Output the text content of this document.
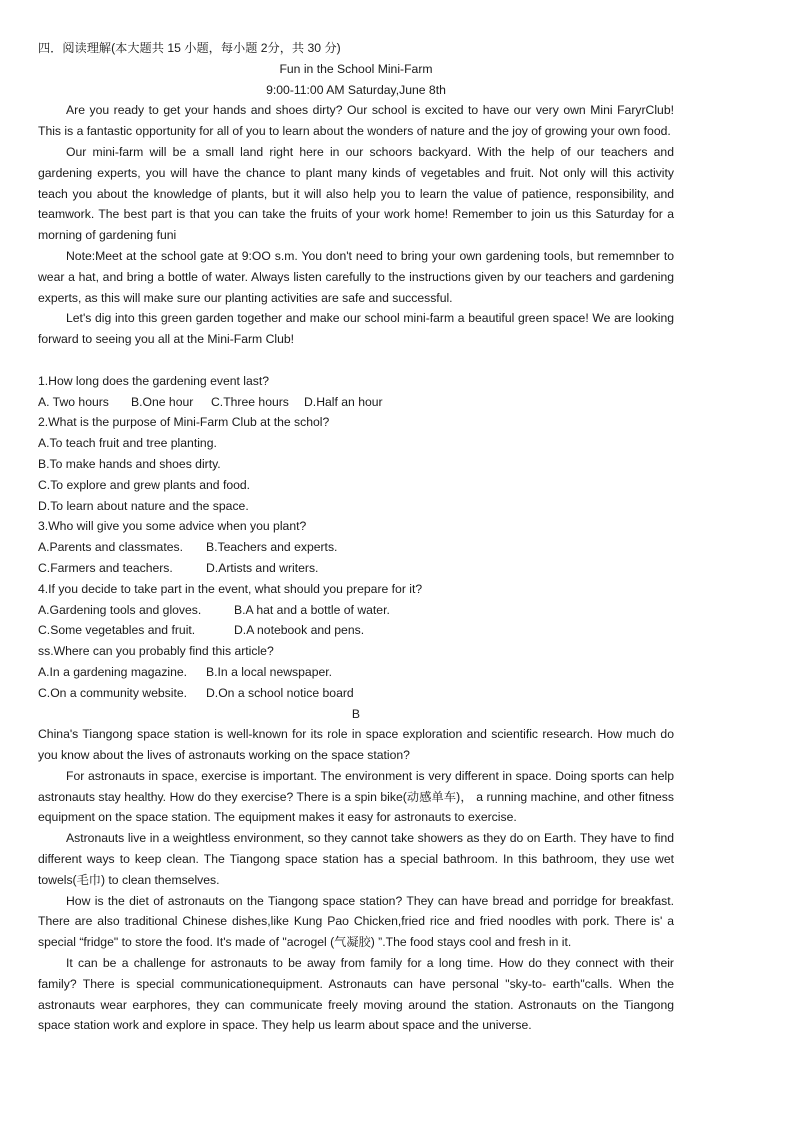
四．阅读理解(本大题共 15 小题，每小题 2分，共 30 分)
Fun in the School Mini-Farm
9:00-11:00 AM Saturday,June 8th

Are you ready to get your hands and shoes dirty? Our school is excited to have our very own Mini FaryrClub! This is a fantastic opportunity for all of you to learn about the wonders of nature and the joy of growing your own food.

Our mini-farm will be a small land right here in our schoors backyard. With the help of our teachers and gardening experts, you will have the chance to plant many kinds of vegetables and fruit. Not only will this activity teach you about the knowledge of plants, but it will also help you to learn the value of patience, responsibility, and teamwork. The best part is that you can take the fruits of your work home! Remember to join us this Saturday for a morning of gardening funi

Note:Meet at the school gate at 9:OO s.m. You don't need to bring your own gardening tools, but rememnber to wear a hat, and bring a bottle of water. Always listen carefully to the instructions given by our teachers and gardening experts, as this will make sure our planting activities are safe and successful.

Let's dig into this green garden together and make our school mini-farm a beautiful green space! We are looking forward to seeing you all at the Mini-Farm Club!

1.How long does the gardening event last?
A. Two hours	B.One hour	C.Three hours	D.Half an hour
2.What is the purpose of Mini-Farm Club at the schol?
A.To teach fruit and tree planting.
B.To make hands and shoes dirty.
C.To explore and grew plants and food.
D.To learn about nature and the space.
3.Who will give you some advice when you plant?
A.Parents and classmates.	B.Teachers and experts.
C.Farmers and teachers.	D.Artists and writers.
4.If you decide to take part in the event, what should you prepare for it?
A.Gardening tools and gloves.	B.A hat and a bottle of water.
C.Some vegetables and fruit.	D.A notebook and pens.
ss.Where can you probably find this article?
A.In a gardening magazine.	B.In a local newspaper.
C.On a community website.	D.On a school notice board
B

China's Tiangong space station is well-known for its role in space exploration and scientific research. How much do you know about the lives of astronauts working on the space station?

For astronauts in space, exercise is important. The environment is very different in space. Doing sports can help astronauts stay healthy. How do they exercise? There is a spin bike(动感单车)， a running machine, and other fitness equipment on the space station. The equipment makes it easy for astronauts to exercise.

Astronauts live in a weightless environment, so they cannot take showers as they do on Earth. They have to find different ways to keep clean. The Tiangong space station has a special bathroom. In this bathroom, they use wet towels(毛巾) to clean themselves.

How is the diet of astronauts on the Tiangong space station? They can have bread and porridge for breakfast. There are also traditional Chinese dishes,like Kung Pao Chicken,fried rice and fried noodles with pork. There is' a special “fridge" to store the food. It's made of "acrogel (气凝胶) ”.The food stays cool and fresh in it.

It can be a challenge for astronauts to be away from family for a long time. How do they connect with their family? There is special communicationequipment. Astronauts can have personal "sky-to- earth"calls. When the astronauts wear earphores, they can communicate freely moving around the station. Astronauts on the Tiangong space station work and explore in space. They help us learm about space and the universe.
